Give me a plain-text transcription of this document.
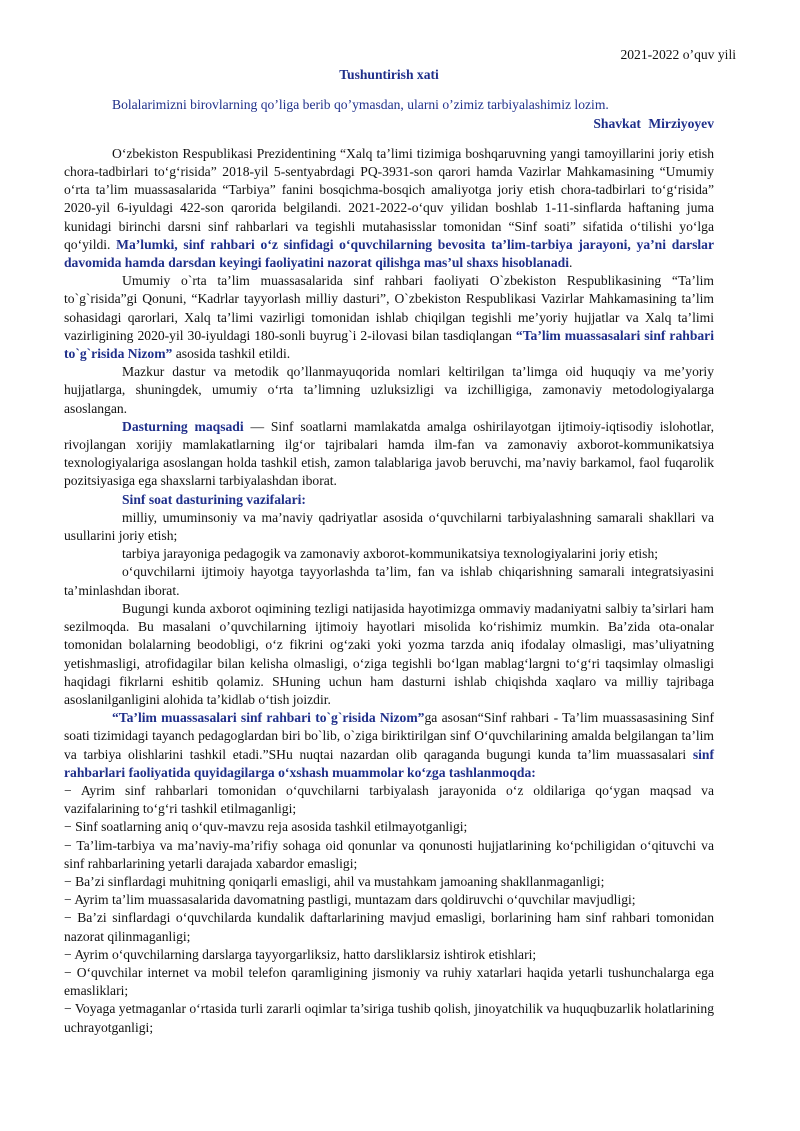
2021-2022 o’quv yili
Tushuntirish xati
Bolalarimizni birovlarning qo’liga berib qo’ymasdan, ularni o’zimiz tarbiyalashimiz lozim.
Shavkat Mirziyoyev

O‘zbekiston Respublikasi Prezidentining “Xalq ta’limi tizimiga boshqaruvning yangi tamoyillarini joriy etish chora-tadbirlari to‘g‘risida” 2018-yil 5-sentyabrdagi PQ-3931-son qarori hamda Vazirlar Mahkamasining “Umumiy o‘rta ta’lim muassasalarida “Tarbiya” fanini bosqichma-bosqich amaliyotga joriy etish chora-tadbirlari to‘g‘risida” 2020-yil 6-iyuldagi 422-son qarorida belgilandi. 2021-2022-o‘quv yilidan boshlab 1-11-sinflarda haftaning juma kunidagi birinchi darsni sinf rahbarlari va tegishli mutahasisslar tomonidan “Sinf soati” sifatida o‘tilishi yo‘lga qo‘yildi. Ma’lumki, sinf rahbari o‘z sinfidagi o‘quvchilarning bevosita ta’lim-tarbiya jarayoni, ya’ni darslar davomida hamda darsdan keyingi faoliyatini nazorat qilishga mas’ul shaxs hisoblanadi.

Umumiy o`rta ta’lim muassasalarida sinf rahbari faoliyati O`zbekiston Respublikasining “Ta’lim to`g`risida”gi Qonuni, “Kadrlar tayyorlash milliy dasturi”, O`zbekiston Respublikasi Vazirlar Mahkamasining ta’lim sohasidagi qarorlari, Xalq ta’limi vazirligi tomonidan ishlab chiqilgan tegishli me’yoriy hujjatlar va Xalq ta’limi vazirligining 2020-yil 30-iyuldagi 180-sonli buyrug`i 2-ilovasi bilan tasdiqlangan “Ta’lim muassasalari sinf rahbari to`g`risida Nizom” asosida tashkil etildi.

Mazkur dastur va metodik qo’llanmayuqorida nomlari keltirilgan ta’limga oid huquqiy va me’yoriy hujjatlarga, shuningdek, umumiy o‘rta ta’limning uzluksizligi va izchilligiga, zamonaviy metodologiyalarga asoslangan.

Dasturning maqsadi — Sinf soatlarni mamlakatda amalga oshirilayotgan ijtimoiy-iqtisodiy islohotlar, rivojlangan xorijiy mamlakatlarning ilg‘or tajribalari hamda ilm-fan va zamonaviy axborot-kommunikatsiya texnologiyalariga asoslangan holda tashkil etish, zamon talablariga javob beruvchi, ma’naviy barkamol, faol fuqarolik pozitsiyasiga ega shaxslarni tarbiyalashdan iborat.

Sinf soat dasturining vazifalari:

milliy, umuminsoniy va ma’naviy qadriyatlar asosida o‘quvchilarni tarbiyalashning samarali shakllari va usullarini joriy etish;

tarbiya jarayoniga pedagogik va zamonaviy axborot-kommunikatsiya texnologiyalarini joriy etish;

o‘quvchilarni ijtimoiy hayotga tayyorlashda ta’lim, fan va ishlab chiqarishning samarali integratsiyasini ta’minlashdan iborat.

Bugungi kunda axborot oqimining tezligi natijasida hayotimizga ommaviy madaniyatni salbiy ta’sirlari ham sezilmoqda. Bu masalani o’quvchilarning ijtimoiy hayotlari misolida ko‘rishimiz mumkin. Ba’zida ota-onalar tomonidan bolalarning beodobligi, o‘z fikrini og‘zaki yoki yozma tarzda aniq ifodalay olmasligi, mas’uliyatning yetishmasligi, atrofidagilar bilan kelisha olmasligi, o‘ziga tegishli bo‘lgan mablag‘largni to‘g‘ri taqsimlay olmasligi haqidagi fikrlarni eshitib qolamiz. SHuning uchun ham dasturni ishlab chiqishda xaqlaro va milliy tajribaga asoslanilganligini alohida ta’kidlab o‘tish joizdir.

“Ta’lim muassasalari sinf rahbari to`g`risida Nizom”ga asosan“Sinf rahbari - Ta’lim muassasasining Sinf soati tizimidagi tayanch pedagoglardan biri bo`lib, o`ziga biriktirilgan sinf O‘quvchilarining amalda belgilangan ta’lim va tarbiya olishlarini tashkil etadi.”SHu nuqtai nazardan olib qaraganda bugungi kunda ta’lim muassasalari sinf rahbarlari faoliyatida quyidagilarga o‘xshash muammolar ko‘zga tashlanmoqda:

− Ayrim sinf rahbarlari tomonidan o‘quvchilarni tarbiyalash jarayonida o‘z oldilariga qo‘ygan maqsad va vazifalarining to‘g‘ri tashkil etilmaganligi;

− Sinf soatlarning aniq o‘quv-mavzu reja asosida tashkil etilmayotganligi;

− Ta’lim-tarbiya va ma’naviy-ma’rifiy sohaga oid qonunlar va qonunosti hujjatlarining ko‘pchiligidan o‘qituvchi va sinf rahbarlarining yetarli darajada xabardor emasligi;

− Ba’zi sinflardagi muhitning qoniqarli emasligi, ahil va mustahkam jamoaning shakllanmaganligi;

− Ayrim ta’lim muassasalarida davomatning pastligi, muntazam dars qoldiruvchi o‘quvchilar mavjudligi;

− Ba’zi sinflardagi o‘quvchilarda kundalik daftarlarining mavjud emasligi, borlarining ham sinf rahbari tomonidan nazorat qilinmaganligi;

− Ayrim o‘quvchilarning darslarga tayyorgarliksiz, hatto darsliklarsiz ishtirok etishlari;

− O‘quvchilar internet va mobil telefon qaramligining jismoniy va ruhiy xatarlari haqida yetarli tushunchalarga ega emasliklari;

− Voyaga yetmaganlar o‘rtasida turli zararli oqimlar ta’siriga tushib qolish, jinoyatchilik va huquqbuzarlik holatlarining uchrayotganligi;
